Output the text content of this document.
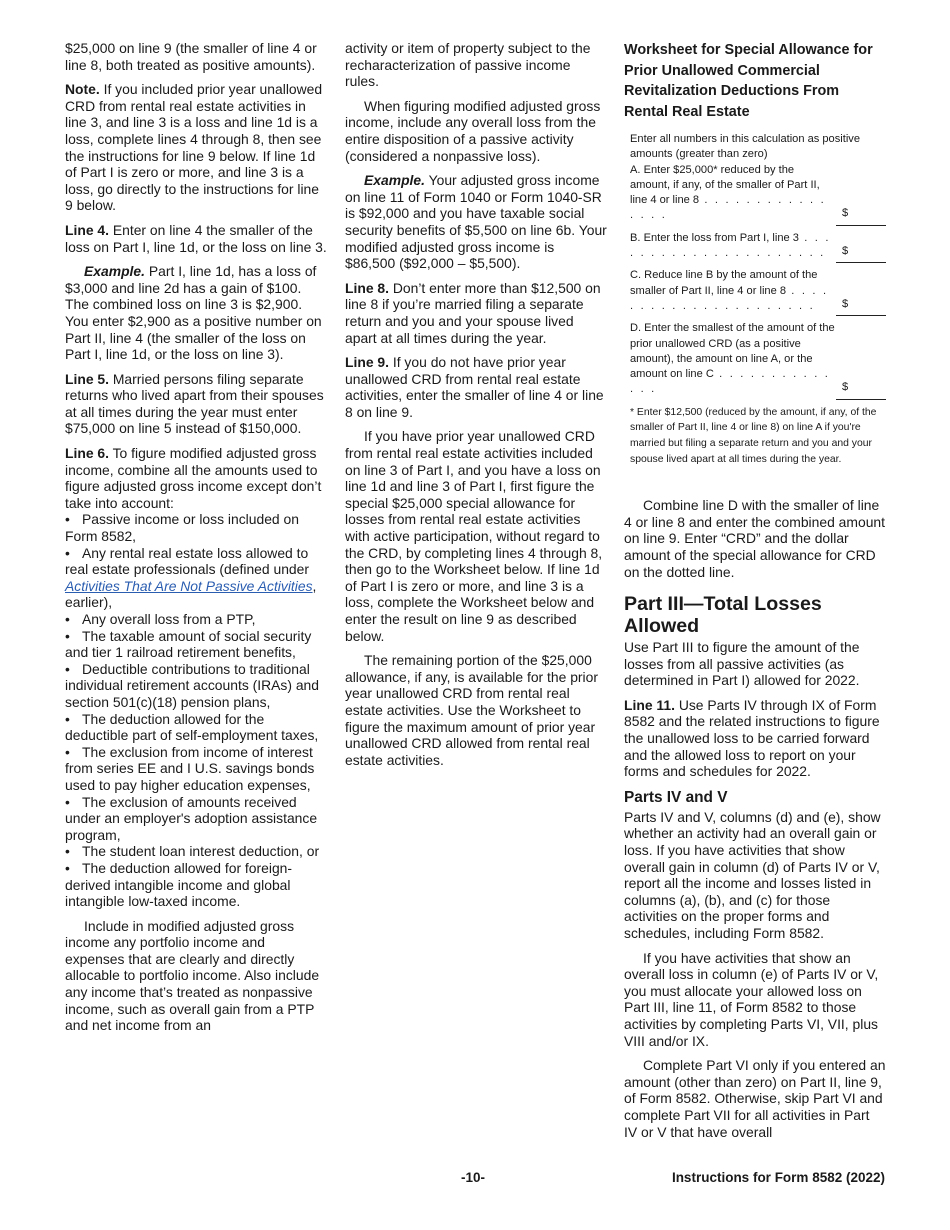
$25,000 on line 9 (the smaller of line 4 or line 8, both treated as positive amounts).

Note. If you included prior year unallowed CRD from rental real estate activities in line 3, and line 3 is a loss and line 1d is a loss, complete lines 4 through 8, then see the instructions for line 9 below. If line 1d of Part I is zero or more, and line 3 is a loss, go directly to the instructions for line 9 below.

Line 4. Enter on line 4 the smaller of the loss on Part I, line 1d, or the loss on line 3.

Example. Part I, line 1d, has a loss of $3,000 and line 2d has a gain of $100. The combined loss on line 3 is $2,900. You enter $2,900 as a positive number on Part II, line 4 (the smaller of the loss on Part I, line 1d, or the loss on line 3).

Line 5. Married persons filing separate returns who lived apart from their spouses at all times during the year must enter $75,000 on line 5 instead of $150,000.

Line 6. To figure modified adjusted gross income, combine all the amounts used to figure adjusted gross income except don’t take into account:

• Passive income or loss included on Form 8582,

• Any rental real estate loss allowed to real estate professionals (defined under Activities That Are Not Passive Activities, earlier),

• Any overall loss from a PTP,

• The taxable amount of social security and tier 1 railroad retirement benefits,

• Deductible contributions to traditional individual retirement accounts (IRAs) and section 501(c)(18) pension plans,

• The deduction allowed for the deductible part of self-employment taxes,

• The exclusion from income of interest from series EE and I U.S. savings bonds used to pay higher education expenses,

• The exclusion of amounts received under an employer's adoption assistance program,

• The student loan interest deduction, or

• The deduction allowed for foreign-derived intangible income and global intangible low-taxed income.

Include in modified adjusted gross income any portfolio income and expenses that are clearly and directly allocable to portfolio income. Also include any income that’s treated as nonpassive income, such as overall gain from a PTP and net income from an

activity or item of property subject to the recharacterization of passive income rules.

When figuring modified adjusted gross income, include any overall loss from the entire disposition of a passive activity (considered a nonpassive loss).

Example. Your adjusted gross income on line 11 of Form 1040 or Form 1040-SR is $92,000 and you have taxable social security benefits of $5,500 on line 6b. Your modified adjusted gross income is $86,500 ($92,000 – $5,500).

Line 8. Don’t enter more than $12,500 on line 8 if you’re married filing a separate return and you and your spouse lived apart at all times during the year.

Line 9. If you do not have prior year unallowed CRD from rental real estate activities, enter the smaller of line 4 or line 8 on line 9.

If you have prior year unallowed CRD from rental real estate activities included on line 3 of Part I, and you have a loss on line 1d and line 3 of Part I, first figure the special $25,000 special allowance for losses from rental real estate activities with active participation, without regard to the CRD, by completing lines 4 through 8, then go to the Worksheet below. If line 1d of Part I is zero or more, and line 3 is a loss, complete the Worksheet below and enter the result on line 9 as described below.

The remaining portion of the $25,000 allowance, if any, is available for the prior year unallowed CRD from rental real estate activities. Use the Worksheet to figure the maximum amount of prior year unallowed CRD allowed from rental real estate activities.

Worksheet for Special Allowance for Prior Unallowed Commercial Revitalization Deductions From Rental Real Estate
Enter all numbers in this calculation as positive amounts (greater than zero)
A. Enter $25,000* reduced by the amount, if any, of the smaller of Part II, line 4 or line 8 . . . . . . . . . . . . . . . .	$
B. Enter the loss from Part I, line 3 . . . . . . . . . . . . . . . . . . . . . .	$
C. Reduce line B by the amount of the smaller of Part II, line 4 or line 8 . . . . . . . . . . . . . . . . . . . . . .	$
D. Enter the smallest of the amount of the prior unallowed CRD (as a positive amount), the amount on line A, or the amount on line C . . . . . . . . . . . . . .	$
* Enter $12,500 (reduced by the amount, if any, of the smaller of Part II, line 4 or line 8) on line A if you're married but filing a separate return and you and your spouse lived apart at all times during the year.

Combine line D with the smaller of line 4 or line 8 and enter the combined amount on line 9. Enter “CRD” and the dollar amount of the special allowance for CRD on the dotted line.

Part III—Total Losses Allowed

Use Part III to figure the amount of the losses from all passive activities (as determined in Part I) allowed for 2022.

Line 11. Use Parts IV through IX of Form 8582 and the related instructions to figure the unallowed loss to be carried forward and the allowed loss to report on your forms and schedules for 2022.

Parts IV and V

Parts IV and V, columns (d) and (e), show whether an activity had an overall gain or loss. If you have activities that show overall gain in column (d) of Parts IV or V, report all the income and losses listed in columns (a), (b), and (c) for those activities on the proper forms and schedules, including Form 8582.

If you have activities that show an overall loss in column (e) of Parts IV or V, you must allocate your allowed loss on Part III, line 11, of Form 8582 to those activities by completing Parts VI, VII, plus VIII and/or IX.

Complete Part VI only if you entered an amount (other than zero) on Part II, line 9, of Form 8582. Otherwise, skip Part VI and complete Part VII for all activities in Part IV or V that have overall

-10-	Instructions for Form 8582 (2022)
